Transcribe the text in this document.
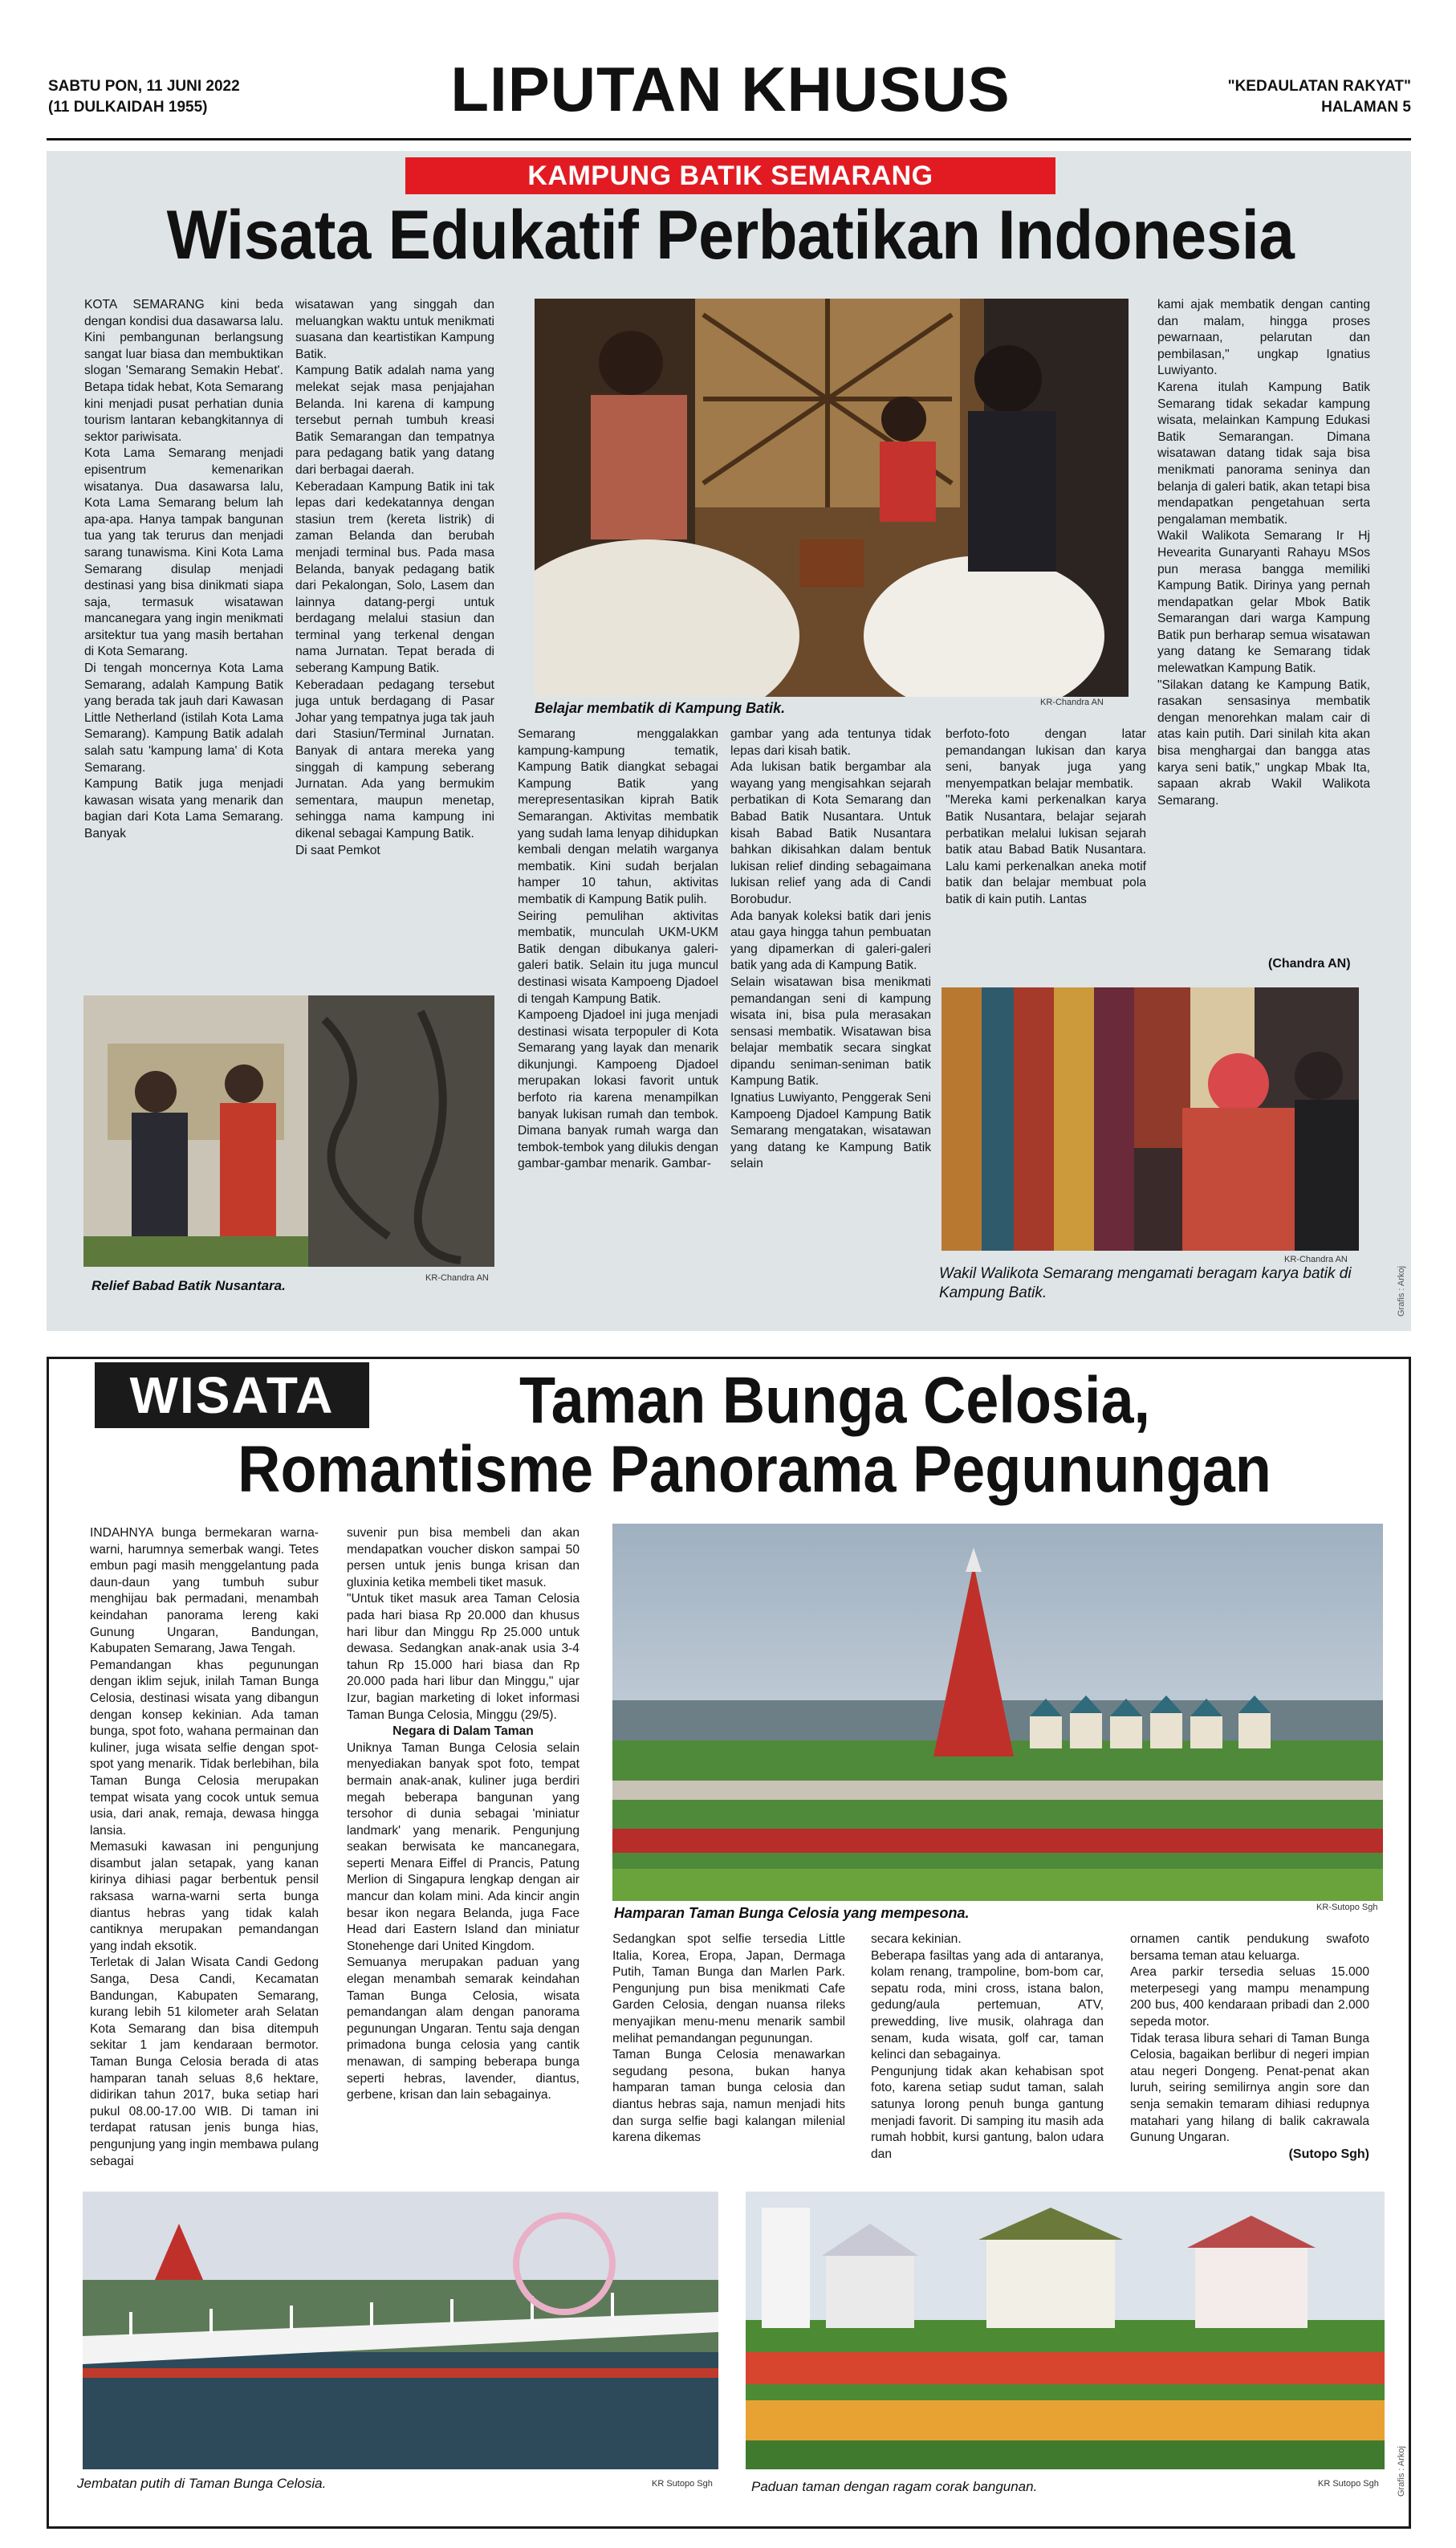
SABTU PON, 11 JUNI 2022
(11 DULKAIDAH 1955)	LIPUTAN KHUSUS	"KEDAULATAN RAKYAT"
HALAMAN 5
KAMPUNG BATIK SEMARANG
Wisata Edukatif Perbatikan Indonesia
KOTA SEMARANG kini beda dengan kondisi dua dasawarsa lalu. Kini pembangunan berlangsung sangat luar biasa dan membuktikan slogan 'Semarang Semakin Hebat'. Betapa tidak hebat, Kota Semarang kini menjadi pusat perhatian dunia tourism lantaran kebangkitannya di sektor pariwisata.
Kota Lama Semarang menjadi episentrum kemenarikan wisatanya. Dua dasawarsa lalu, Kota Lama Semarang belum lah apa-apa. Hanya tampak bangunan tua yang tak terurus dan menjadi sarang tunawisma. Kini Kota Lama Semarang disulap menjadi destinasi yang bisa dinikmati siapa saja, termasuk wisatawan mancanegara yang ingin menikmati arsitektur tua yang masih bertahan di Kota Semarang.
Di tengah moncernya Kota Lama Semarang, adalah Kampung Batik yang berada tak jauh dari Kawasan Little Netherland (istilah Kota Lama Semarang). Kampung Batik adalah salah satu 'kampung lama' di Kota Semarang.
Kampung Batik juga menjadi kawasan wisata yang menarik dan bagian dari Kota Lama Semarang. Banyak
wisatawan yang singgah dan meluangkan waktu untuk menikmati suasana dan keartistikan Kampung Batik.
Kampung Batik adalah nama yang melekat sejak masa penjajahan Belanda. Ini karena di kampung tersebut pernah tumbuh kreasi Batik Semarangan dan tempatnya para pedagang batik yang datang dari berbagai daerah.
Keberadaan Kampung Batik ini tak lepas dari kedekatannya dengan stasiun trem (kereta listrik) di zaman Belanda dan berubah menjadi terminal bus. Pada masa Belanda, banyak pedagang batik dari Pekalongan, Solo, Lasem dan lainnya datang-pergi untuk berdagang melalui stasiun dan terminal yang terkenal dengan nama Jurnatan. Tepat berada di seberang Kampung Batik.
Keberadaan pedagang tersebut juga untuk berdagang di Pasar Johar yang tempatnya juga tak jauh dari Stasiun/Terminal Jurnatan. Banyak di antara mereka yang singgah di kampung seberang Jurnatan. Ada yang bermukim sementara, maupun menetap, sehingga nama kampung ini dikenal sebagai Kampung Batik.
Di saat Pemkot
Belajar membatik di Kampung Batik.	KR-Chandra AN
Semarang menggalakkan kampung-kampung tematik, Kampung Batik diangkat sebagai Kampung Batik yang merepresentasikan kiprah Batik Semarangan. Aktivitas membatik yang sudah lama lenyap dihidupkan kembali dengan melatih warganya membatik. Kini sudah berjalan hamper 10 tahun, aktivitas membatik di Kampung Batik pulih.
Seiring pemulihan aktivitas membatik, munculah UKM-UKM Batik dengan dibukanya galeri-galeri batik. Selain itu juga muncul destinasi wisata Kampoeng Djadoel di tengah Kampung Batik.
Kampoeng Djadoel ini juga menjadi destinasi wisata terpopuler di Kota Semarang yang layak dan menarik dikunjungi. Kampoeng Djadoel merupakan lokasi favorit untuk berfoto ria karena menampilkan banyak lukisan rumah dan tembok. Dimana banyak rumah warga dan tembok-tembok yang dilukis dengan gambar-gambar menarik. Gambar-
gambar yang ada tentunya tidak lepas dari kisah batik.
Ada lukisan batik bergambar ala wayang yang mengisahkan sejarah perbatikan di Kota Semarang dan Babad Batik Nusantara. Untuk kisah Babad Batik Nusantara bahkan dikisahkan dalam bentuk lukisan relief dinding sebagaimana lukisan relief yang ada di Candi Borobudur.
Ada banyak koleksi batik dari jenis atau gaya hingga tahun pembuatan yang dipamerkan di galeri-galeri batik yang ada di Kampung Batik.
Selain wisatawan bisa menikmati pemandangan seni di kampung wisata ini, bisa pula merasakan sensasi membatik. Wisatawan bisa belajar membatik secara singkat dipandu seniman-seniman batik Kampung Batik.
Ignatius Luwiyanto, Penggerak Seni Kampoeng Djadoel Kampung Batik Semarang mengatakan, wisatawan yang datang ke Kampung Batik selain
berfoto-foto dengan latar pemandangan lukisan dan karya seni, banyak juga yang menyempatkan belajar membatik.
"Mereka kami perkenalkan karya Batik Nusantara, belajar sejarah perbatikan melalui lukisan sejarah batik atau Babad Batik Nusantara. Lalu kami perkenalkan aneka motif batik dan belajar membuat pola batik di kain putih. Lantas
kami ajak membatik dengan canting dan malam, hingga proses pewarnaan, pelarutan dan pembilasan," ungkap Ignatius Luwiyanto.
Karena itulah Kampung Batik Semarang tidak sekadar kampung wisata, melainkan Kampung Edukasi Batik Semarangan. Dimana wisatawan datang tidak saja bisa menikmati panorama seninya dan belanja di galeri batik, akan tetapi bisa mendapatkan pengetahuan serta pengalaman membatik.
Wakil Walikota Semarang Ir Hj Hevearita Gunaryanti Rahayu MSos pun merasa bangga memiliki Kampung Batik. Dirinya yang pernah mendapatkan gelar Mbok Batik Semarangan dari warga Kampung Batik pun berharap semua wisatawan yang datang ke Semarang tidak melewatkan Kampung Batik.
"Silakan datang ke Kampung Batik, rasakan sensasinya membatik dengan menorehkan malam cair di atas kain putih. Dari sinilah kita akan bisa menghargai dan bangga atas karya seni batik," ungkap Mbak Ita, sapaan akrab Wakil Walikota Semarang.
(Chandra AN)
Relief Babad Batik Nusantara.	KR-Chandra AN
KR-Chandra AN
Wakil Walikota Semarang mengamati beragam karya batik di Kampung Batik.	Grafis : Arkoj
WISATA	Taman Bunga Celosia,
Romantisme Panorama Pegunungan
INDAHNYA bunga bermekaran warna-warni, harumnya semerbak wangi. Tetes embun pagi masih menggelantung pada daun-daun yang tumbuh subur menghijau bak permadani, menambah keindahan panorama lereng kaki Gunung Ungaran, Bandungan, Kabupaten Semarang, Jawa Tengah.
Pemandangan khas pegunungan dengan iklim sejuk, inilah Taman Bunga Celosia, destinasi wisata yang dibangun dengan konsep kekinian. Ada taman bunga, spot foto, wahana permainan dan kuliner, juga wisata selfie dengan spot-spot yang menarik. Tidak berlebihan, bila Taman Bunga Celosia merupakan tempat wisata yang cocok untuk semua usia, dari anak, remaja, dewasa hingga lansia.
Memasuki kawasan ini pengunjung disambut jalan setapak, yang kanan kirinya dihiasi pagar berbentuk pensil raksasa warna-warni serta bunga diantus hebras yang tidak kalah cantiknya merupakan pemandangan yang indah eksotik.
Terletak di Jalan Wisata Candi Gedong Sanga, Desa Candi, Kecamatan Bandungan, Kabupaten Semarang, kurang lebih 51 kilometer arah Selatan Kota Semarang dan bisa ditempuh sekitar 1 jam kendaraan bermotor. Taman Bunga Celosia berada di atas hamparan tanah seluas 8,6 hektare, didirikan tahun 2017, buka setiap hari pukul 08.00-17.00 WIB. Di taman ini terdapat ratusan jenis bunga hias, pengunjung yang ingin membawa pulang sebagai
suvenir pun bisa membeli dan akan mendapatkan voucher diskon sampai 50 persen untuk jenis bunga krisan dan gluxinia ketika membeli tiket masuk.
"Untuk tiket masuk area Taman Celosia pada hari biasa Rp 20.000 dan khusus hari libur dan Minggu Rp 25.000 untuk dewasa. Sedangkan anak-anak usia 3-4 tahun Rp 15.000 hari biasa dan Rp 20.000 pada hari libur dan Minggu," ujar Izur, bagian marketing di loket informasi Taman Bunga Celosia, Minggu (29/5).
Negara di Dalam Taman
Uniknya Taman Bunga Celosia selain menyediakan banyak spot foto, tempat bermain anak-anak, kuliner juga berdiri megah beberapa bangunan yang tersohor di dunia sebagai 'miniatur landmark' yang menarik. Pengunjung seakan berwisata ke mancanegara, seperti Menara Eiffel di Prancis, Patung Merlion di Singapura lengkap dengan air mancur dan kolam mini. Ada kincir angin besar ikon negara Belanda, juga Face Head dari Eastern Island dan miniatur Stonehenge dari United Kingdom.
Semuanya merupakan paduan yang elegan menambah semarak keindahan Taman Bunga Celosia, wisata pemandangan alam dengan panorama pegunungan Ungaran. Tentu saja dengan primadona bunga celosia yang cantik menawan, di samping beberapa bunga seperti hebras, lavender, diantus, gerbene, krisan dan lain sebagainya.
Hamparan Taman Bunga Celosia yang mempesona.	KR-Sutopo Sgh
Sedangkan spot selfie tersedia Little Italia, Korea, Eropa, Japan, Dermaga Putih, Taman Bunga dan Marlen Park. Pengunjung pun bisa menikmati Cafe Garden Celosia, dengan nuansa rileks menyajikan menu-menu menarik sambil melihat pemandangan pegunungan.
Taman Bunga Celosia menawarkan segudang pesona, bukan hanya hamparan taman bunga celosia dan diantus hebras saja, namun menjadi hits dan surga selfie bagi kalangan milenial karena dikemas
secara kekinian.
Beberapa fasiltas yang ada di antaranya, kolam renang, trampoline, bom-bom car, sepatu roda, mini cross, istana balon, gedung/aula pertemuan, ATV, prewedding, live musik, olahraga dan senam, kuda wisata, golf car, taman kelinci dan sebagainya.
Pengunjung tidak akan kehabisan spot foto, karena setiap sudut taman, salah satunya lorong penuh bunga gantung menjadi favorit. Di samping itu masih ada rumah hobbit, kursi gantung, balon udara dan
ornamen cantik pendukung swafoto bersama teman atau keluarga.
Area parkir tersedia seluas 15.000 meterpesegi yang mampu menampung 200 bus, 400 kendaraan pribadi dan 2.000 sepeda motor.
Tidak terasa libura sehari di Taman Bunga Celosia, bagaikan berlibur di negeri impian atau negeri Dongeng. Penat-penat akan luruh, seiring semilirnya angin sore dan senja semakin temaram dihiasi redupnya matahari yang hilang di balik cakrawala Gunung Ungaran.
(Sutopo Sgh)
Jembatan putih di Taman Bunga Celosia.	KR Sutopo Sgh	Paduan taman dengan ragam corak bangunan.	KR Sutopo Sgh Grafis : Arkoj
